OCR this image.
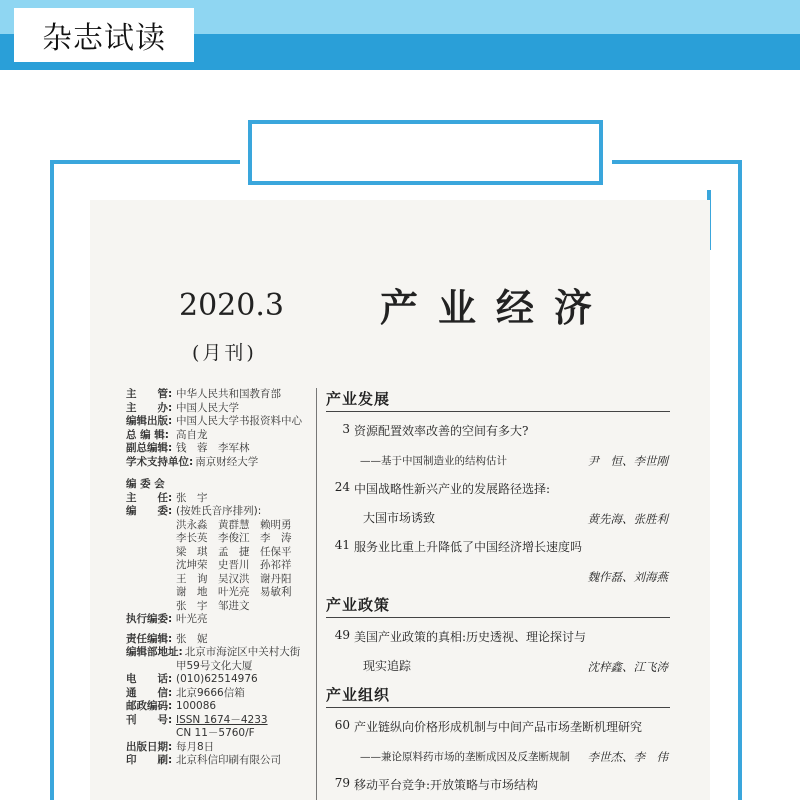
杂志试读
2020.3
(月刊)
产业经济
主　　管: 中华人民共和国教育部
主　　办: 中国人民大学
编辑出版: 中国人民大学书报资料中心
总 编 辑: 高自龙
副总编辑: 钱　蓉　李军林
学术支持单位: 南京财经大学
编 委 会
主　　任: 张　宇
编　　委: (按姓氏音序排列):
洪永淼	黄群慧	赖明勇
李长英	李俊江	李　涛
梁　琪	孟　捷	任保平
沈坤荣	史晋川	孙祁祥
王　询	吴汉洪	谢丹阳
谢　地	叶光亮	易敏利
张　宇	邹进文
执行编委: 叶光亮
责任编辑: 张　妮
编辑部地址: 北京市海淀区中关村大街
甲59号文化大厦
电　　话: (010)62514976
通　　信: 北京9666信箱
邮政编码: 100086
刊　　号: ISSN 1674－4233
CN 11－5760/F
出版日期: 每月8日
印　　刷: 北京科信印刷有限公司
产业发展
3 资源配置效率改善的空间有多大?
——基于中国制造业的结构估计	尹　恒、李世刚
24 中国战略性新兴产业的发展路径选择:
大国市场诱致	黄先海、张胜利
41 服务业比重上升降低了中国经济增长速度吗
魏作磊、刘海燕
产业政策
49 美国产业政策的真相:历史透视、理论探讨与
现实追踪	沈梓鑫、江飞涛
产业组织
60 产业链纵向价格形成机制与中间产品市场垄断机理研究
——兼论原料药市场的垄断成因及反垄断规制 李世杰、李　伟
79 移动平台竞争:开放策略与市场结构
